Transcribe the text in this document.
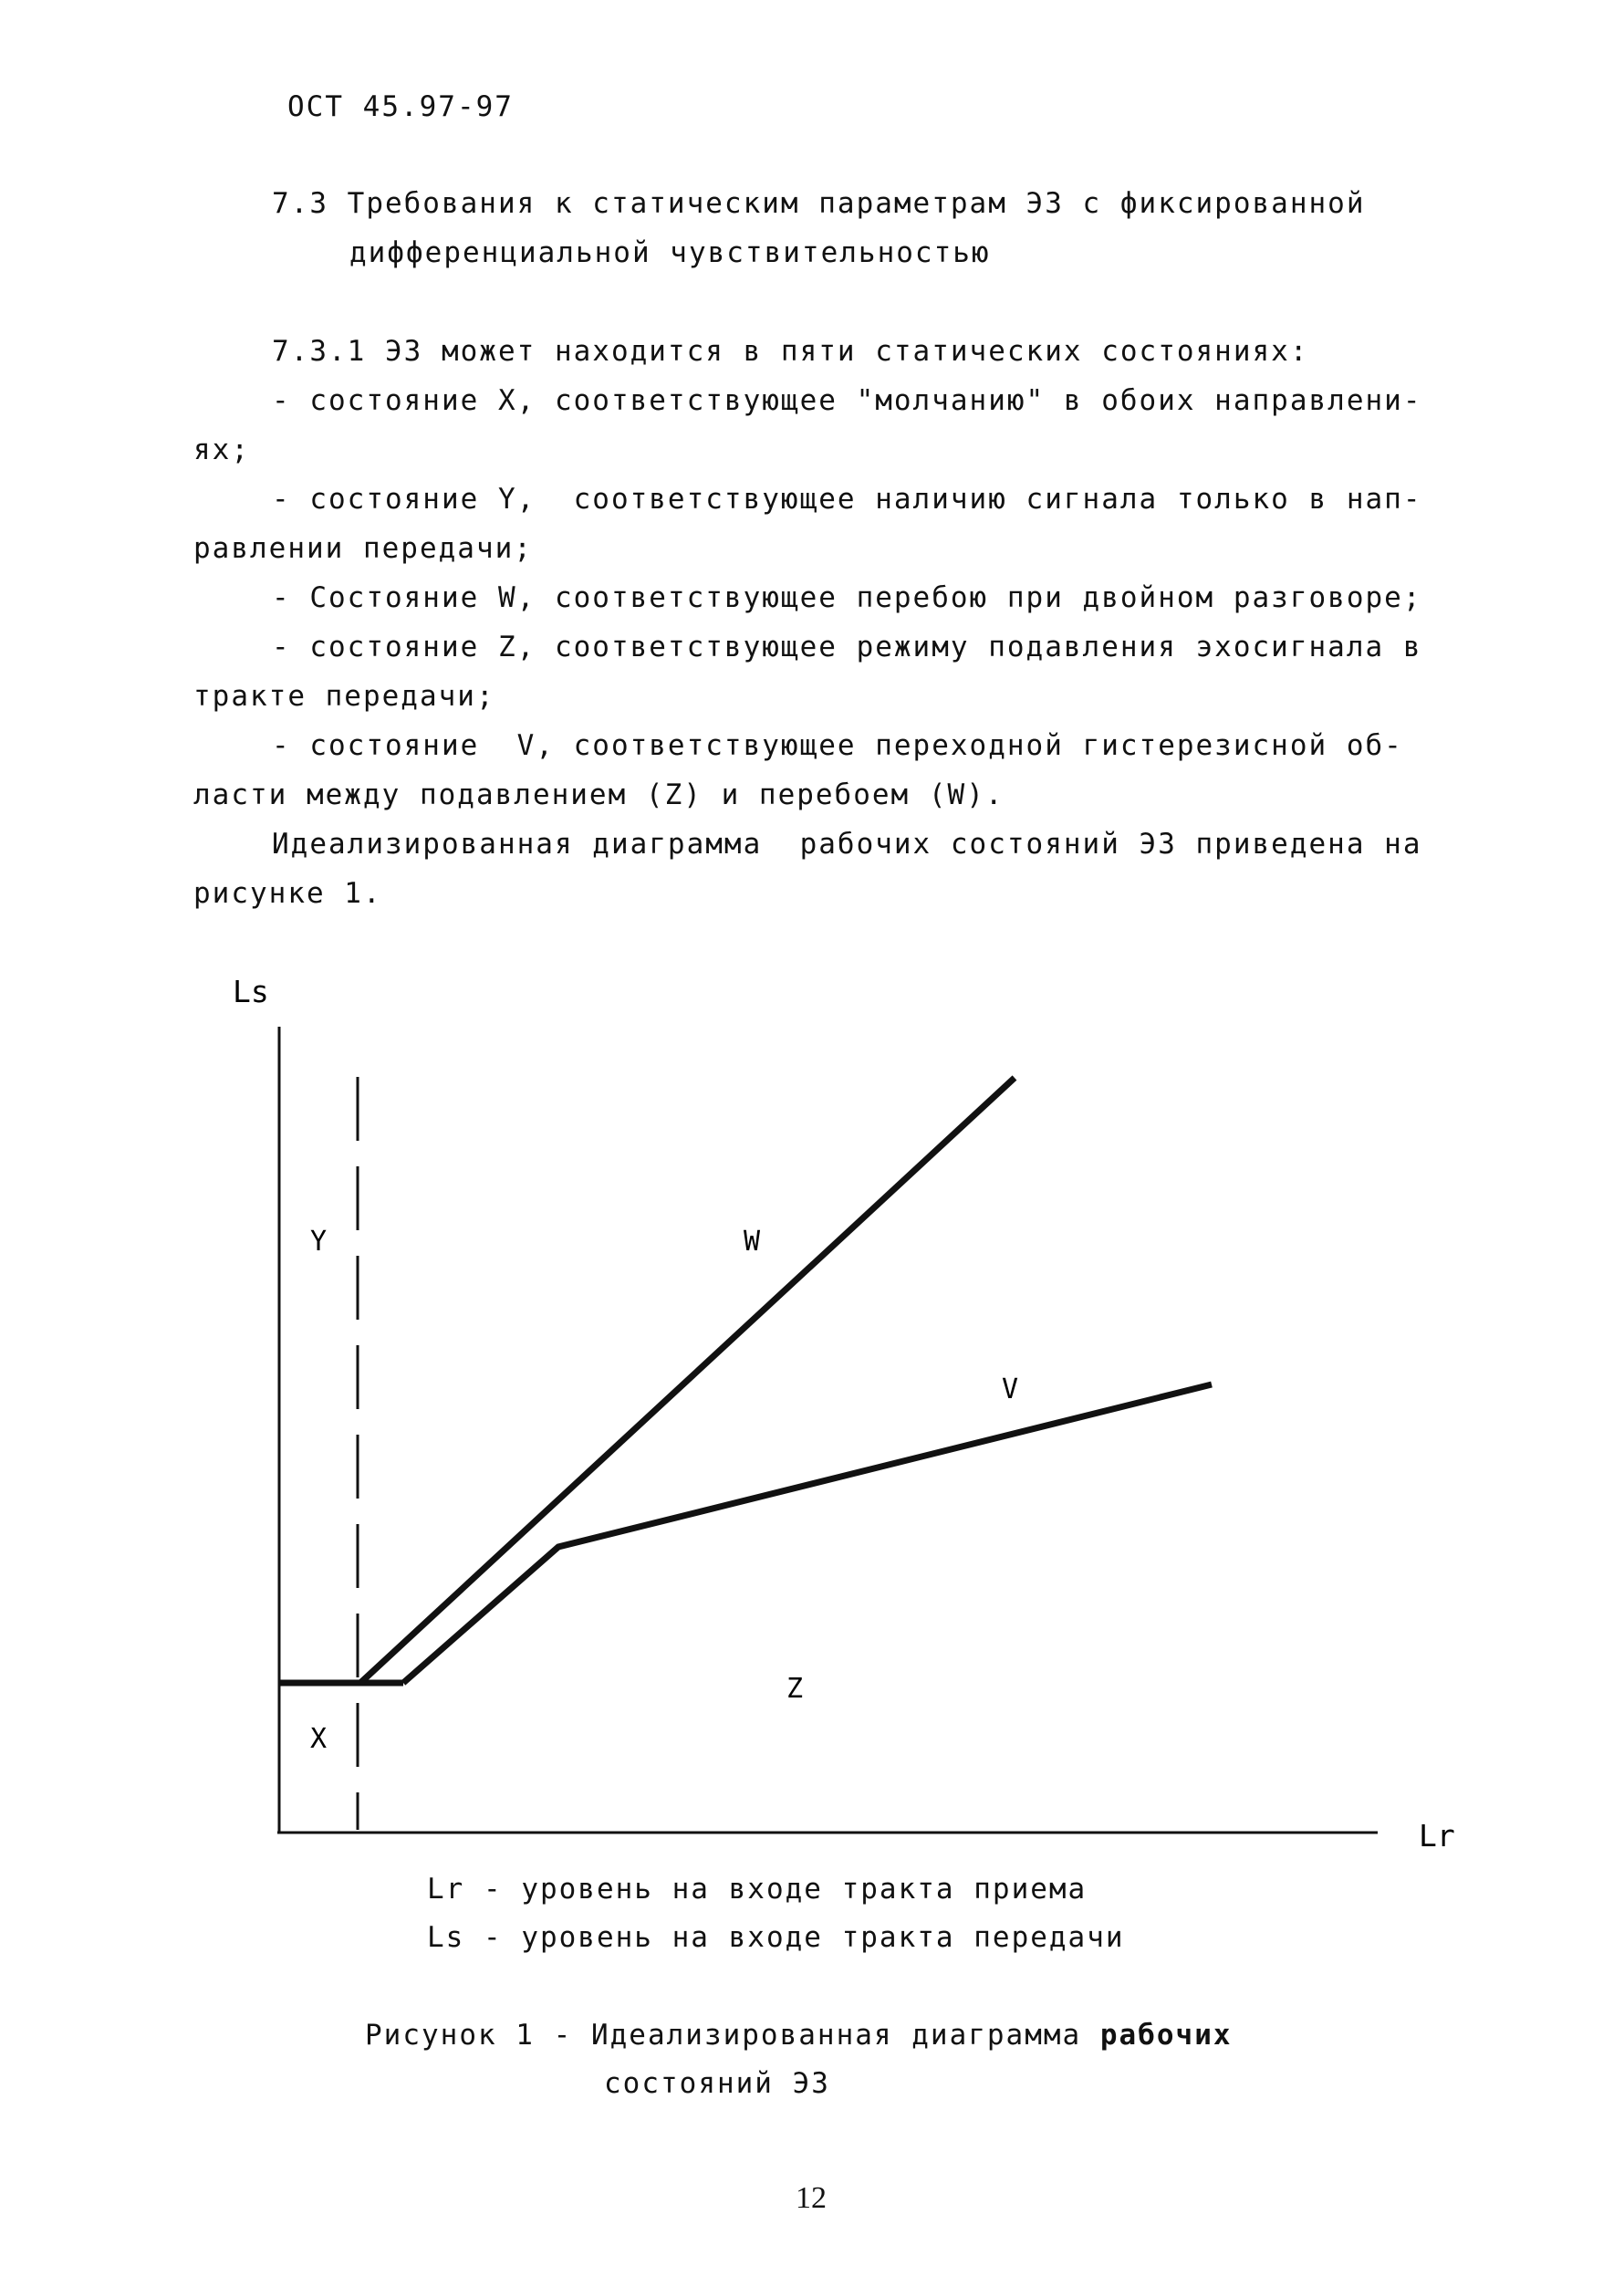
ОСТ 45.97-97
7.3 Требования к статическим параметрам ЭЗ с фиксированной
дифференциальной чувствительностью
7.3.1 ЭЗ может находится в пяти статических состояниях:
- состояние X, соответствующее "молчанию" в обоих направлени-
ях;
- состояние Y,  соответствующее наличию сигнала только в нап-
равлении передачи;
- Состояние W, соответствующее перебою при двойном разговоре;
- состояние Z, соответствующее режиму подавления эхосигнала в
тракте передачи;
- состояние  V, соответствующее переходной гистерезисной об-
ласти между подавлением (Z) и перебоем (W).
Идеализированная диаграмма  рабочих состояний ЭЗ приведена на
рисунке 1.
Ls
Lr
Y	W
V
Z
X
Lr - уровень на входе тракта приема
Ls - уровень на входе тракта передачи
Рисунок 1 - Идеализированная диаграмма рабочих
состояний ЭЗ
12
